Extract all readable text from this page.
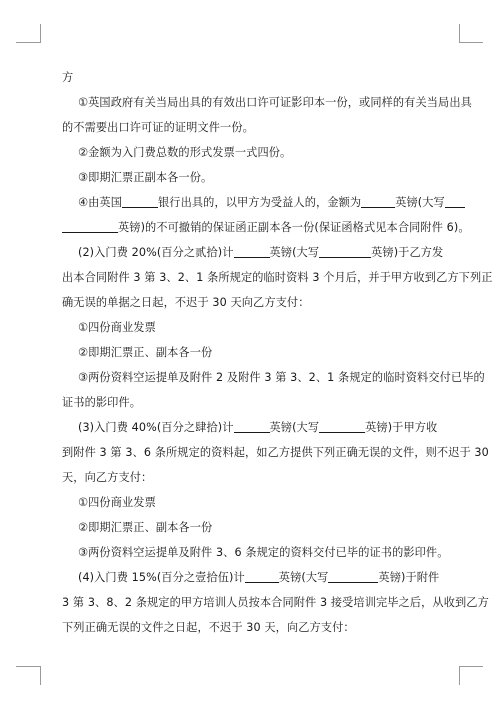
方
①英国政府有关当局出具的有效出口许可证影印本一份，或同样的有关当局出具
的不需要出口许可证的证明文件一份。
②金额为入门费总数的形式发票一式四份。
③即期汇票正副本各一份。
④由英国	银行出具的，以甲方为受益人的，金额为	英镑(大写
英镑)的不可撤销的保证函正副本各一份(保证函格式见本合同附件 6)。
(2)入门费 20%(百分之贰拾)计	英镑(大写	英镑)于乙方发
出本合同附件 3 第 3、2、1 条所规定的临时资料 3 个月后，并于甲方收到乙方下列正
确无误的单据之日起，不迟于 30 天向乙方支付：
①四份商业发票
②即期汇票正、副本各一份
③两份资料空运提单及附件 2 及附件 3 第 3、2、1 条规定的临时资料交付已毕的
证书的影印件。
(3)入门费 40%(百分之肆拾)计	英镑(大写	英镑)于甲方收
到附件 3 第 3、6 条所规定的资料起，如乙方提供下列正确无误的文件，则不迟于 30
天，向乙方支付：
①四份商业发票
②即期汇票正、副本各一份
③两份资料空运提单及附件 3、6 条规定的资料交付已毕的证书的影印件。
(4)入门费 15%(百分之壹拾伍)计	英镑(大写	英镑)于附件
3 第 3、8、2 条规定的甲方培训人员按本合同附件 3 接受培训完毕之后，从收到乙方
下列正确无误的文件之日起，不迟于 30 天，向乙方支付：
